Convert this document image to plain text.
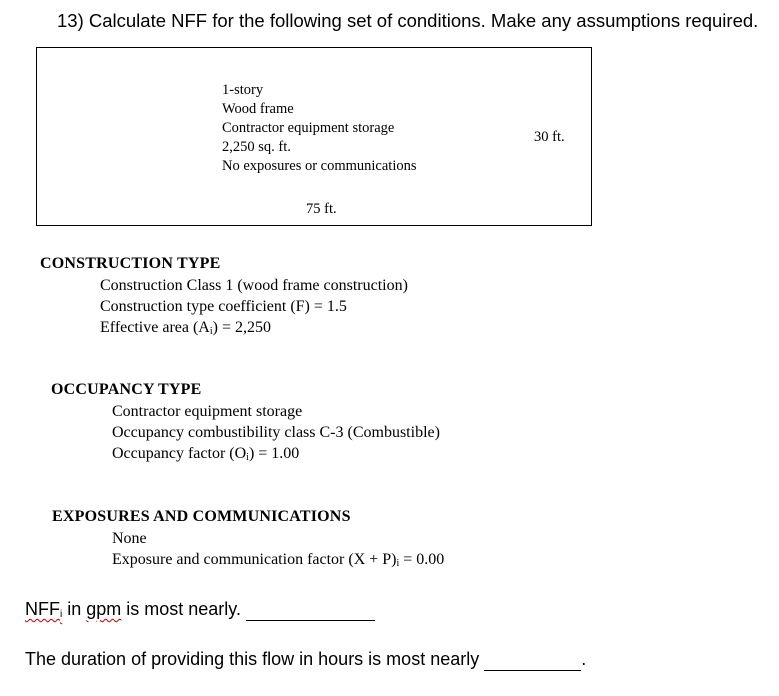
13) Calculate NFF for the following set of conditions. Make any assumptions required.
1-story
Wood frame
Contractor equipment storage
2,250 sq. ft.
No exposures or communications
30 ft.
75 ft.
CONSTRUCTION TYPE
Construction Class 1 (wood frame construction)
Construction type coefficient (F) = 1.5
Effective area $(A_i) = 2,250$
OCCUPANCY TYPE
Contractor equipment storage
Occupancy combustibility class C-3 (Combustible)
Occupancy factor $(O_i) = 1.00$
EXPOSURES AND COMMUNICATIONS
None
Exposure and communication factor $(X + P)_i = 0.00$
$NFF_i$ in gpm is most nearly.
The duration of providing this flow in hours is most nearly	.
